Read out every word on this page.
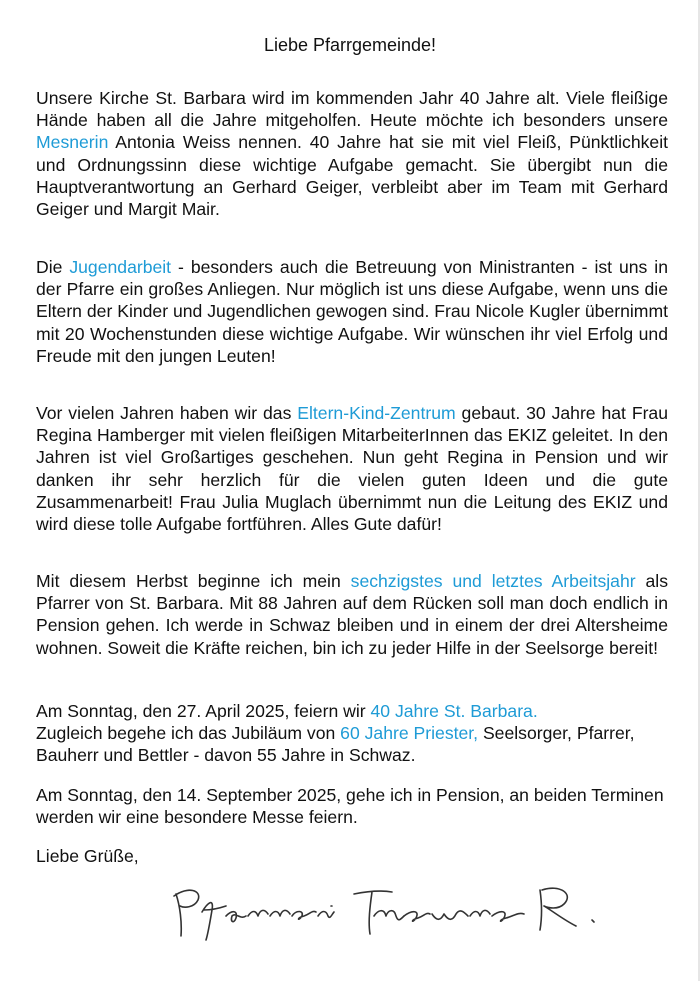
Liebe Pfarrgemeinde!

Unsere Kirche St. Barbara wird im kommenden Jahr 40 Jahre alt. Viele fleißige Hände haben all die Jahre mitgeholfen. Heute möchte ich besonders unsere Mesnerin Antonia Weiss nennen. 40 Jahre hat sie mit viel Fleiß, Pünktlichkeit und Ordnungssinn diese wichtige Aufgabe gemacht. Sie übergibt nun die Hauptverantwortung an Gerhard Geiger, verbleibt aber im Team mit Gerhard Geiger und Margit Mair.

Die Jugendarbeit - besonders auch die Betreuung von Ministranten - ist uns in der Pfarre ein großes Anliegen. Nur möglich ist uns diese Aufgabe, wenn uns die Eltern der Kinder und Jugendlichen gewogen sind. Frau Nicole Kugler übernimmt mit 20 Wochenstunden diese wichtige Aufgabe. Wir wünschen ihr viel Erfolg und Freude mit den jungen Leuten!

Vor vielen Jahren haben wir das Eltern-Kind-Zentrum gebaut. 30 Jahre hat Frau Regina Hamberger mit vielen fleißigen MitarbeiterInnen das EKIZ geleitet. In den Jahren ist viel Großartiges geschehen. Nun geht Regina in Pension und wir danken ihr sehr herzlich für die vielen guten Ideen und die gute Zusammenarbeit! Frau Julia Muglach übernimmt nun die Leitung des EKIZ und wird diese tolle Aufgabe fortführen. Alles Gute dafür!

Mit diesem Herbst beginne ich mein sechzigstes und letztes Arbeitsjahr als Pfarrer von St. Barbara. Mit 88 Jahren auf dem Rücken soll man doch endlich in Pension gehen. Ich werde in Schwaz bleiben und in einem der drei Altersheime wohnen. Soweit die Kräfte reichen, bin ich zu jeder Hilfe in der Seelsorge bereit!

Am Sonntag, den 27. April 2025, feiern wir 40 Jahre St. Barbara.
Zugleich begehe ich das Jubiläum von 60 Jahre Priester, Seelsorger, Pfarrer, Bauherr und Bettler - davon 55 Jahre in Schwaz.

Am Sonntag, den 14. September 2025, gehe ich in Pension, an beiden Terminen werden wir eine besondere Messe feiern.

Liebe Grüße,
